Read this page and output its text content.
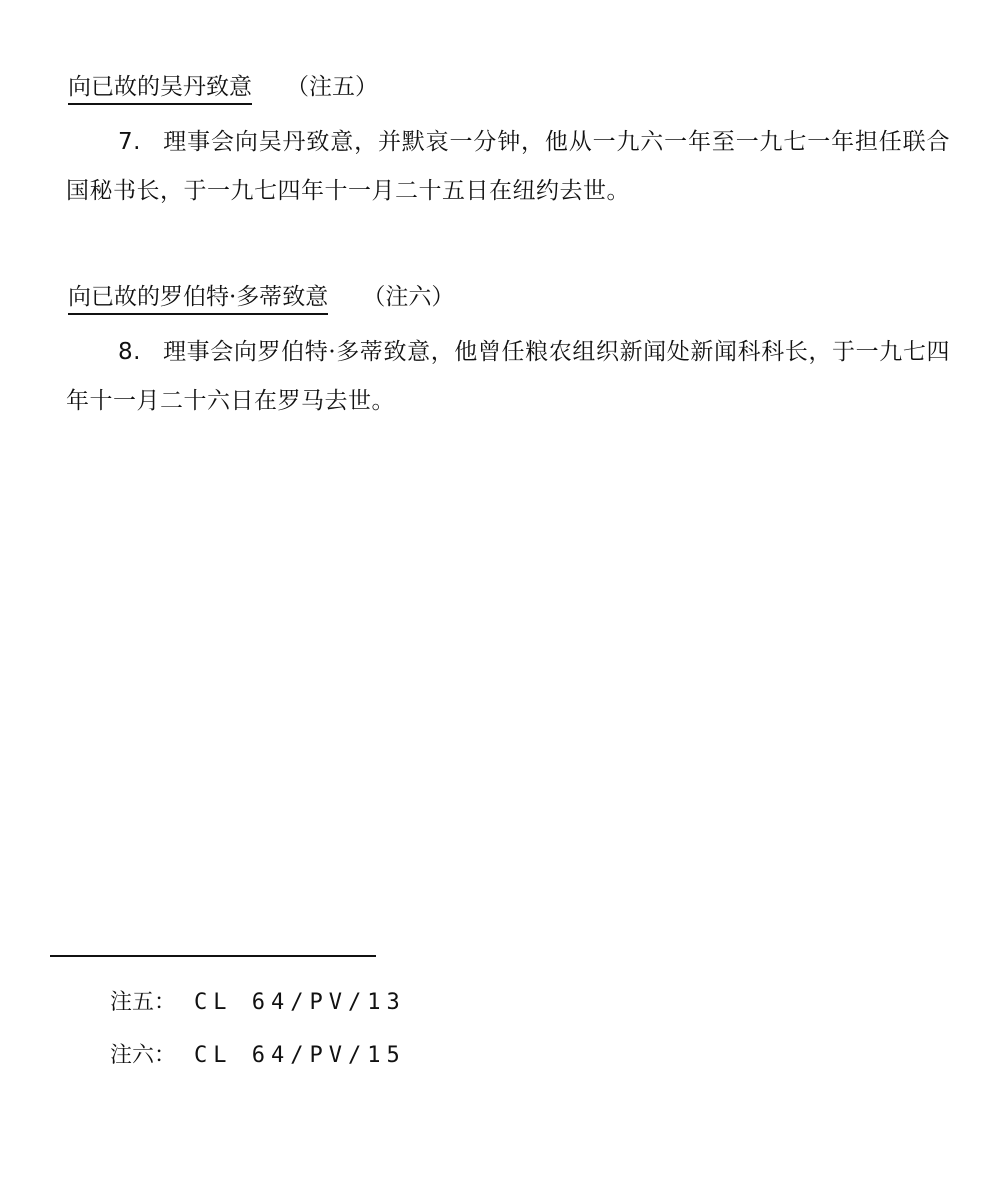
向已故的吴丹致意 （注五）

7. 理事会向吴丹致意，并默哀一分钟，他从一九六一年至一九七一年担任联合国秘书长，于一九七四年十一月二十五日在纽约去世。

向已故的罗伯特·多蒂致意 （注六）

8. 理事会向罗伯特·多蒂致意，他曾任粮农组织新闻处新闻科科长，于一九七四年十一月二十六日在罗马去世。

注五： CL 64/PV/13
注六： CL 64/PV/15
